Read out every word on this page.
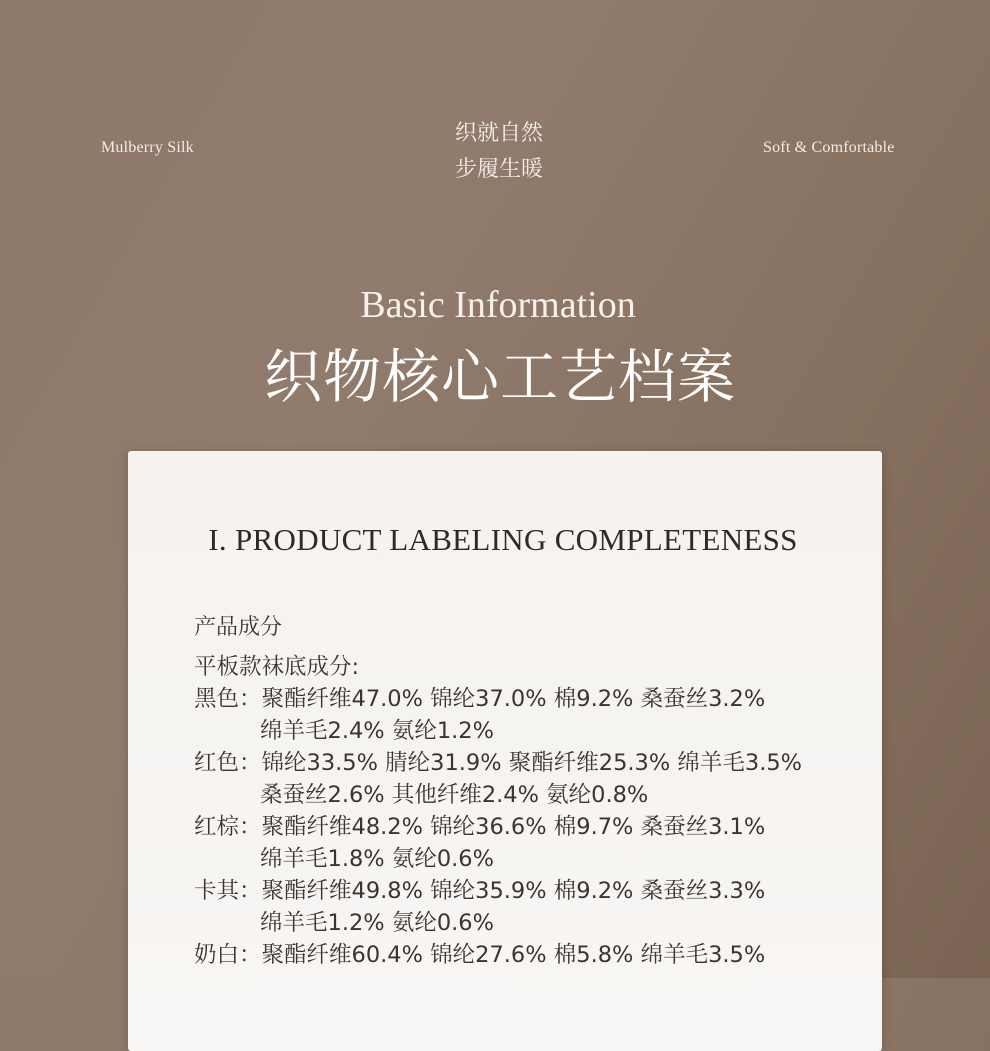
Mulberry Silk	Soft & Comfortable
织就自然
步履生暖
Basic Information
织物核心工艺档案
I. PRODUCT LABELING COMPLETENESS
产品成分
平板款袜底成分:
黑色：聚酯纤维47.0% 锦纶37.0% 棉9.2% 桑蚕丝3.2%
绵羊毛2.4% 氨纶1.2%
红色：锦纶33.5% 腈纶31.9% 聚酯纤维25.3% 绵羊毛3.5%
桑蚕丝2.6% 其他纤维2.4% 氨纶0.8%
红棕：聚酯纤维48.2% 锦纶36.6% 棉9.7% 桑蚕丝3.1%
绵羊毛1.8% 氨纶0.6%
卡其：聚酯纤维49.8% 锦纶35.9% 棉9.2% 桑蚕丝3.3%
绵羊毛1.2% 氨纶0.6%
奶白：聚酯纤维60.4% 锦纶27.6% 棉5.8% 绵羊毛3.5%
